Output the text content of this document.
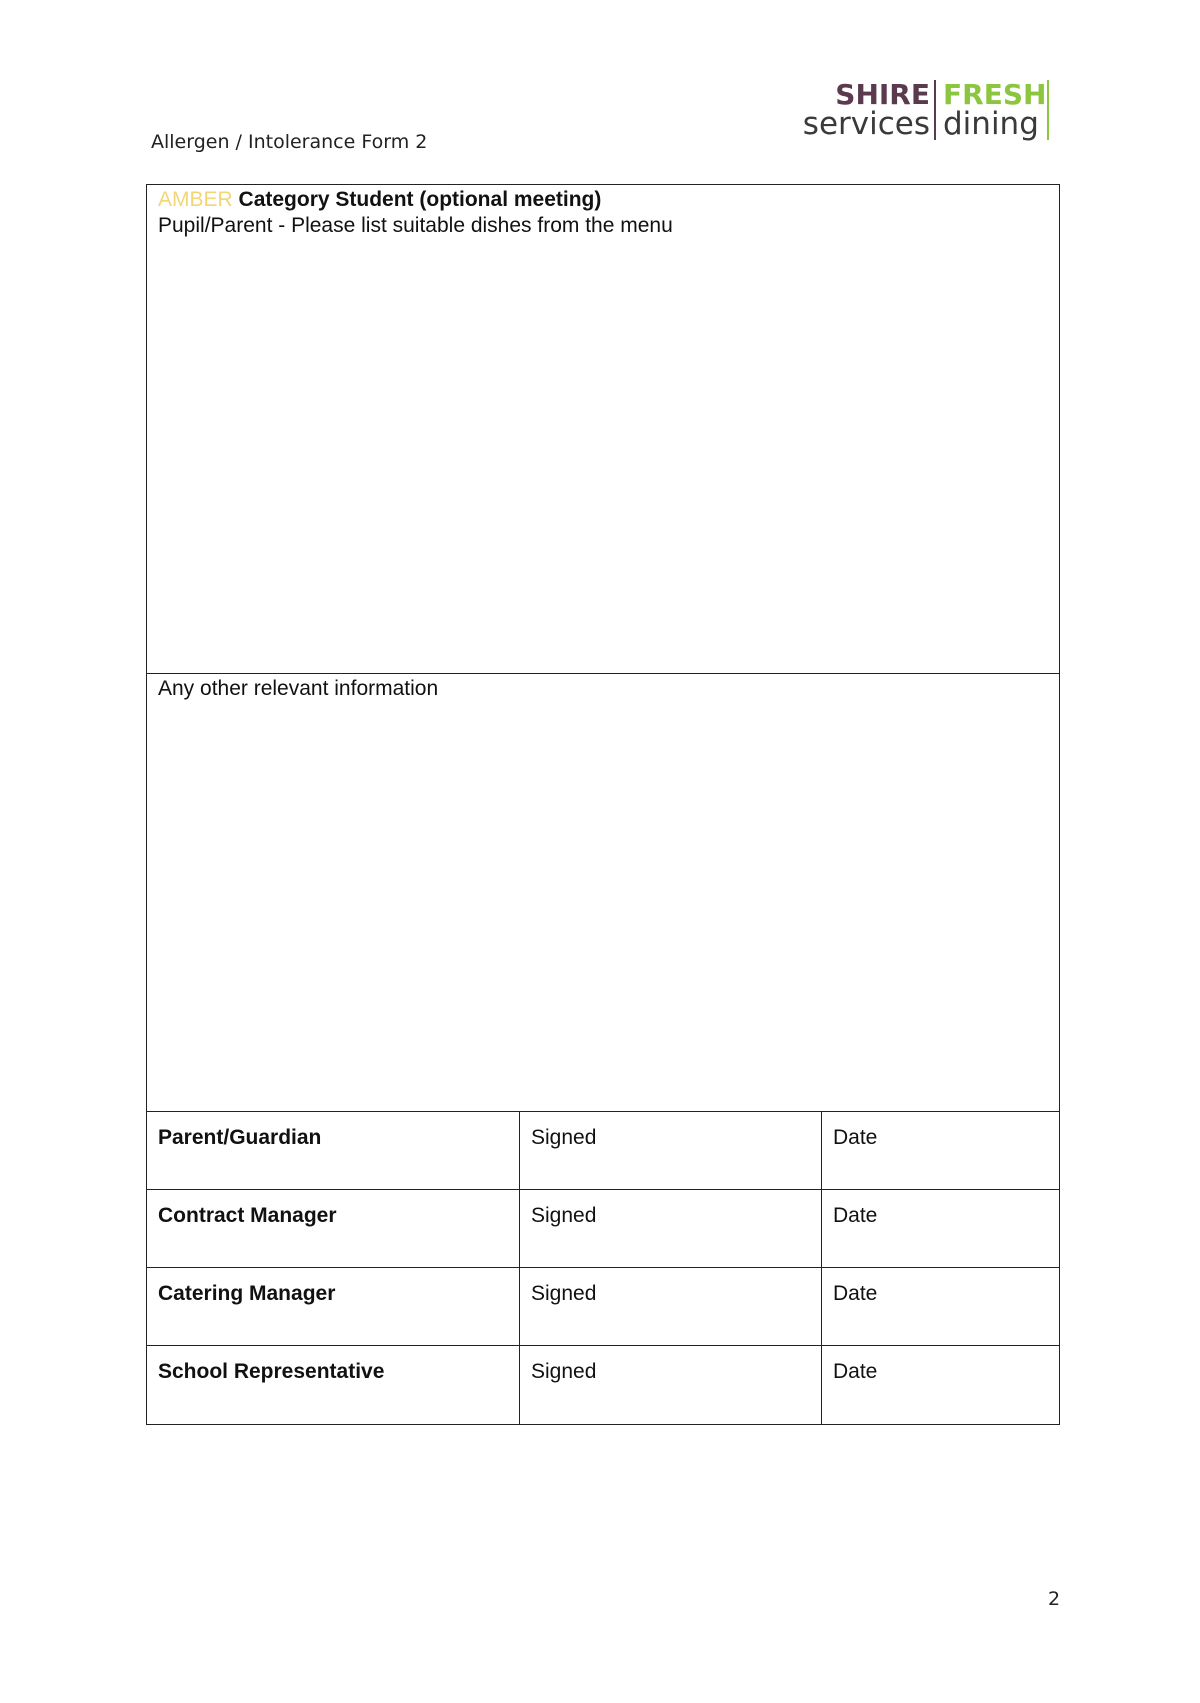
Allergen / Intolerance Form 2
SHIRE
services
FRESH
dining
AMBER Category Student (optional meeting)
Pupil/Parent - Please list suitable dishes from the menu
Any other relevant information
Parent/Guardian	Signed	Date
Contract Manager	Signed	Date
Catering Manager	Signed	Date
School Representative	Signed	Date
2
